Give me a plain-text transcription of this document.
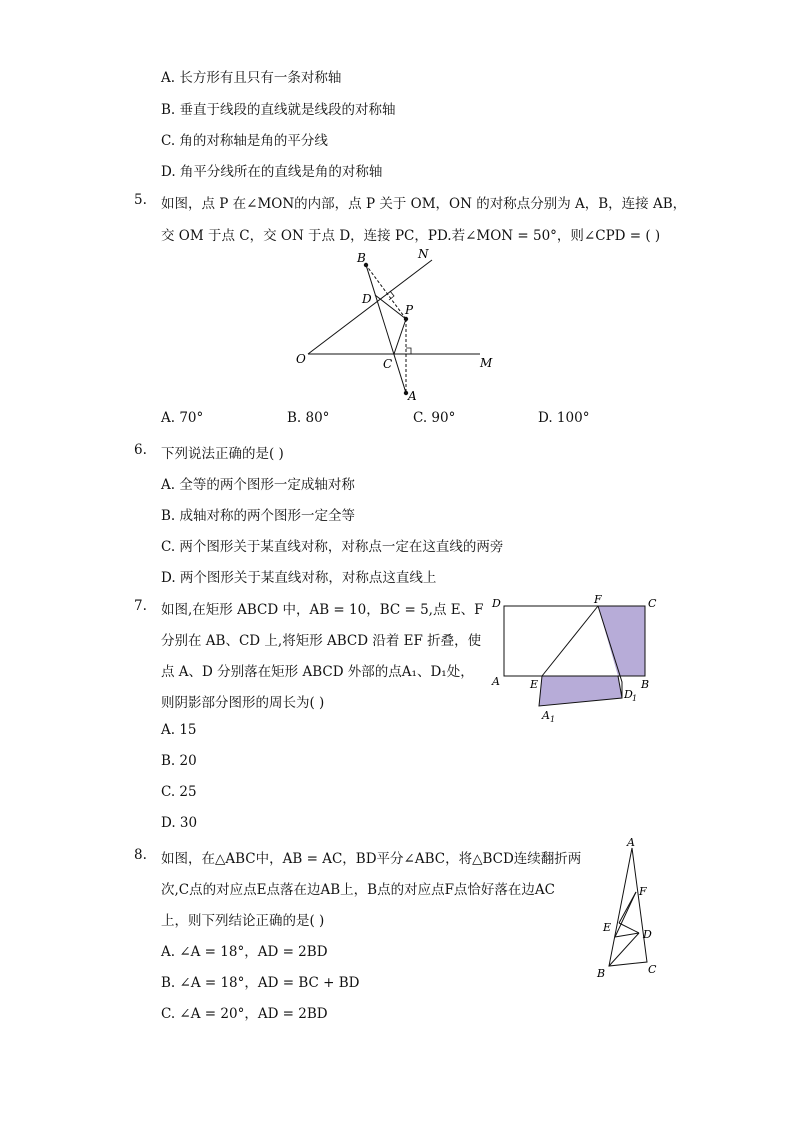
A. 长方形有且只有一条对称轴
B. 垂直于线段的直线就是线段的对称轴
C. 角的对称轴是角的平分线
D. 角平分线所在的直线是角的对称轴
5. 如图，点 P 在∠MON的内部，点 P 关于 OM，ON 的对称点分别为 A，B，连接 AB，
交 OM 于点 C，交 ON 于点 D，连接 PC，PD.若∠MON = 50°，则∠CPD = ( )
B	N
D
P
O	C	M
A
A. 70°	B. 80°	C. 90°	D. 100°
6. 下列说法正确的是( )
A. 全等的两个图形一定成轴对称
B. 成轴对称的两个图形一定全等
C. 两个图形关于某直线对称，对称点一定在这直线的两旁
D. 两个图形关于某直线对称，对称点这直线上
7. 如图,在矩形 ABCD 中，AB = 10，BC = 5,点 E、F
分别在 AB、CD 上,将矩形 ABCD 沿着 EF 折叠，使
点 A、D 分别落在矩形 ABCD 外部的点A₁、D₁处，
则阴影部分图形的周长为( )
D	F	C
A	E	B
D 1
A 1
A. 15
B. 20
C. 25
D. 30
8. 如图，在△ABC中，AB = AC，BD平分∠ABC，将△BCD连续翻折两
次,C点的对应点E点落在边AB上，B点的对应点F点恰好落在边AC
上，则下列结论正确的是( )
A
F
E
D
B	C
A. ∠A = 18°，AD = 2BD
B. ∠A = 18°，AD = BC + BD
C. ∠A = 20°，AD = 2BD
